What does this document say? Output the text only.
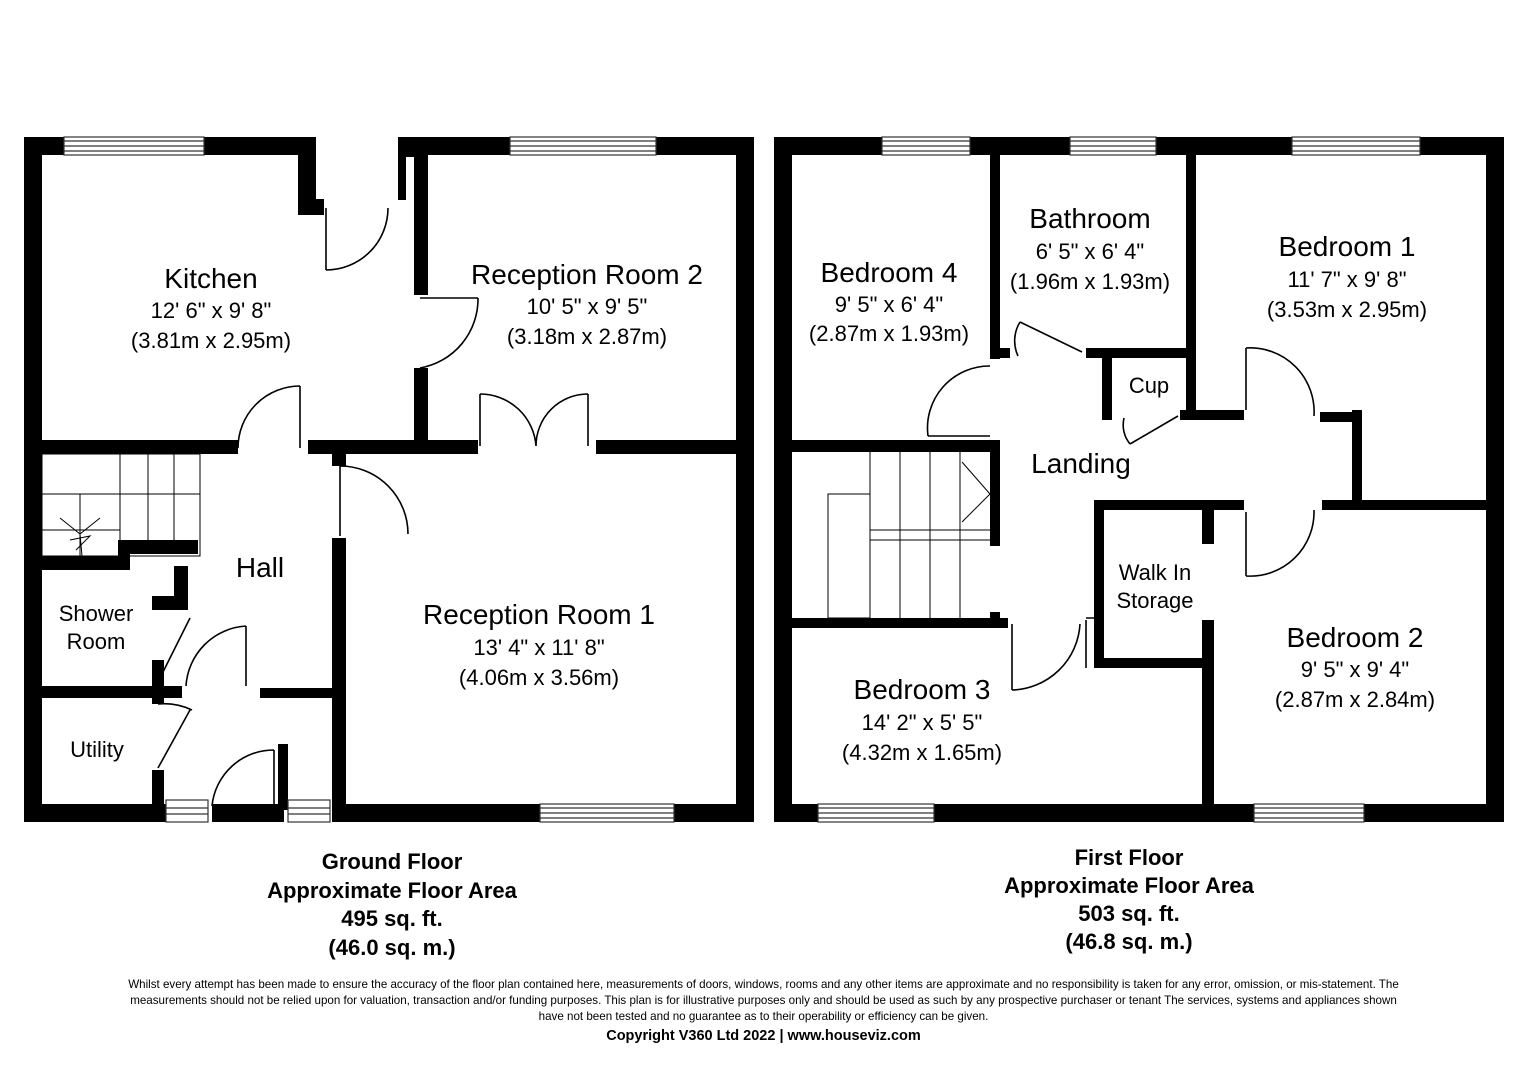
Kitchen
12' 6" x 9' 8"
(3.81m x 2.95m)
Reception Room 2
10' 5" x 9' 5"
(3.18m x 2.87m)
Reception Room 1
13' 4" x 11' 8"
(4.06m x 3.56m)
Hall
Shower
Room
Utility
Bedroom 4
9' 5" x 6' 4"
(2.87m x 1.93m)
Bathroom
6' 5" x 6' 4"
(1.96m x 1.93m)
Bedroom 1
11' 7" x 9' 8"
(3.53m x 2.95m)
Cup
Landing
Walk In
Storage
Bedroom 2
9' 5" x 9' 4"
(2.87m x 2.84m)
Bedroom 3
14' 2" x 5' 5"
(4.32m x 1.65m)
Ground Floor
Approximate Floor Area
495 sq. ft.
(46.0 sq. m.)
First Floor
Approximate Floor Area
503 sq. ft.
(46.8 sq. m.)

Whilst every attempt has been made to ensure the accuracy of the floor plan contained here, measurements of doors, windows, rooms and any other items are approximate and no responsibility is taken for any error, omission, or mis-statement. The

measurements should not be relied upon for valuation, transaction and/or funding purposes. This plan is for illustrative purposes only and should be used as such by any prospective purchaser or tenant The services, systems and appliances shown

have not been tested and no guarantee as to their operability or efficiency can be given.

Copyright V360 Ltd 2022 | www.houseviz.com
